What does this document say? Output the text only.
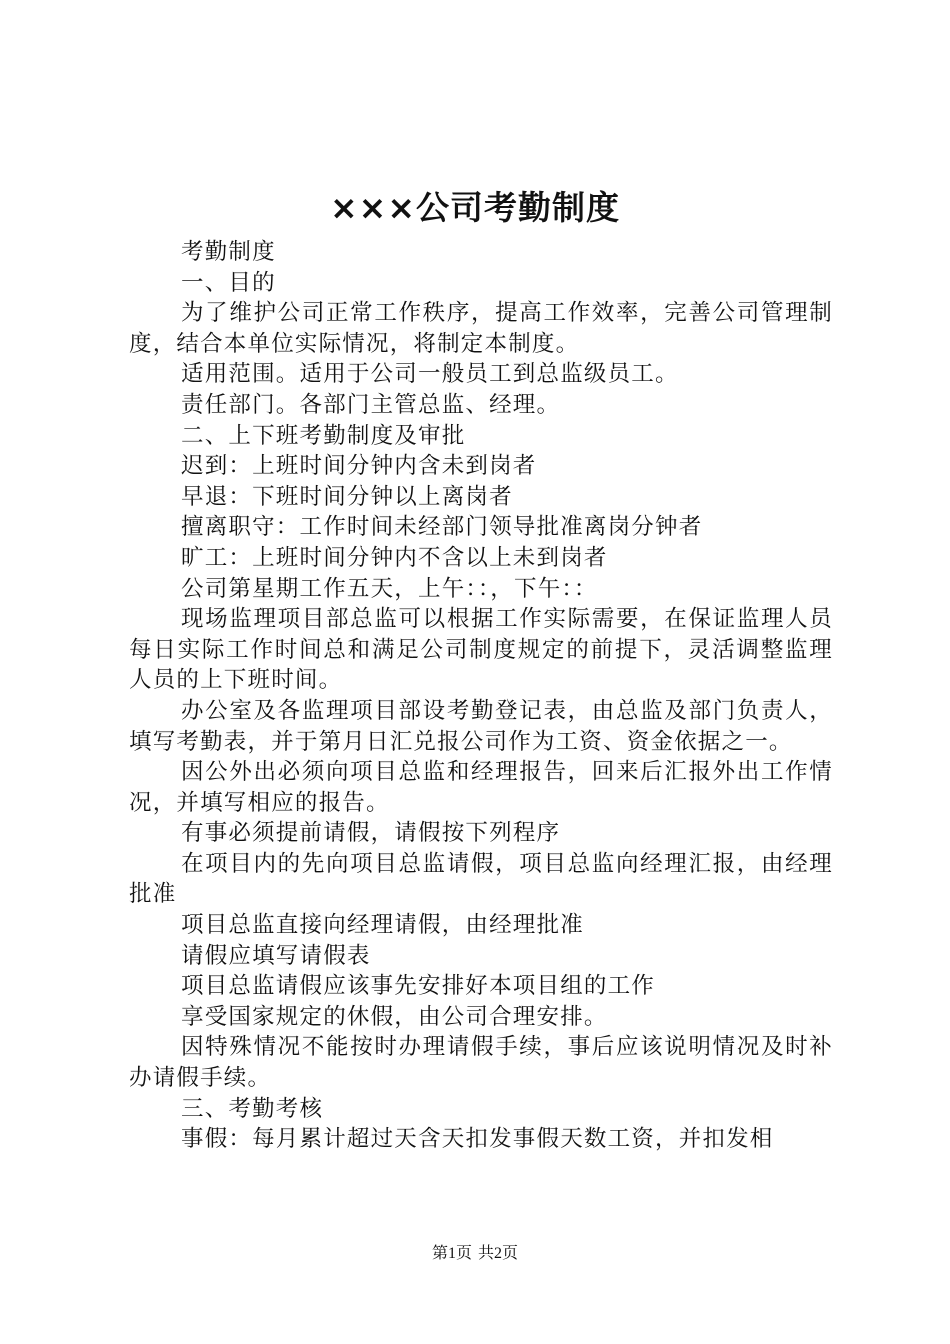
×××公司考勤制度

考勤制度

一、目的

为了维护公司正常工作秩序，提高工作效率，完善公司管理制度，结合本单位实际情况，将制定本制度。

适用范围。适用于公司一般员工到总监级员工。

责任部门。各部门主管总监、经理。

二、上下班考勤制度及审批

迟到：上班时间分钟内含未到岗者

早退：下班时间分钟以上离岗者

擅离职守：工作时间未经部门领导批准离岗分钟者

旷工：上班时间分钟内不含以上未到岗者

公司第星期工作五天，上午：：，下午：：

现场监理项目部总监可以根据工作实际需要，在保证监理人员每日实际工作时间总和满足公司制度规定的前提下，灵活调整监理人员的上下班时间。

办公室及各监理项目部设考勤登记表，由总监及部门负责人，填写考勤表，并于第月日汇兑报公司作为工资、资金依据之一。

因公外出必须向项目总监和经理报告，回来后汇报外出工作情况，并填写相应的报告。

有事必须提前请假，请假按下列程序

在项目内的先向项目总监请假，项目总监向经理汇报，由经理批准

项目总监直接向经理请假，由经理批准

请假应填写请假表

项目总监请假应该事先安排好本项目组的工作

享受国家规定的休假，由公司合理安排。

因特殊情况不能按时办理请假手续，事后应该说明情况及时补办请假手续。

三、考勤考核

事假：每月累计超过天含天扣发事假天数工资，并扣发相

第1页 共2页
